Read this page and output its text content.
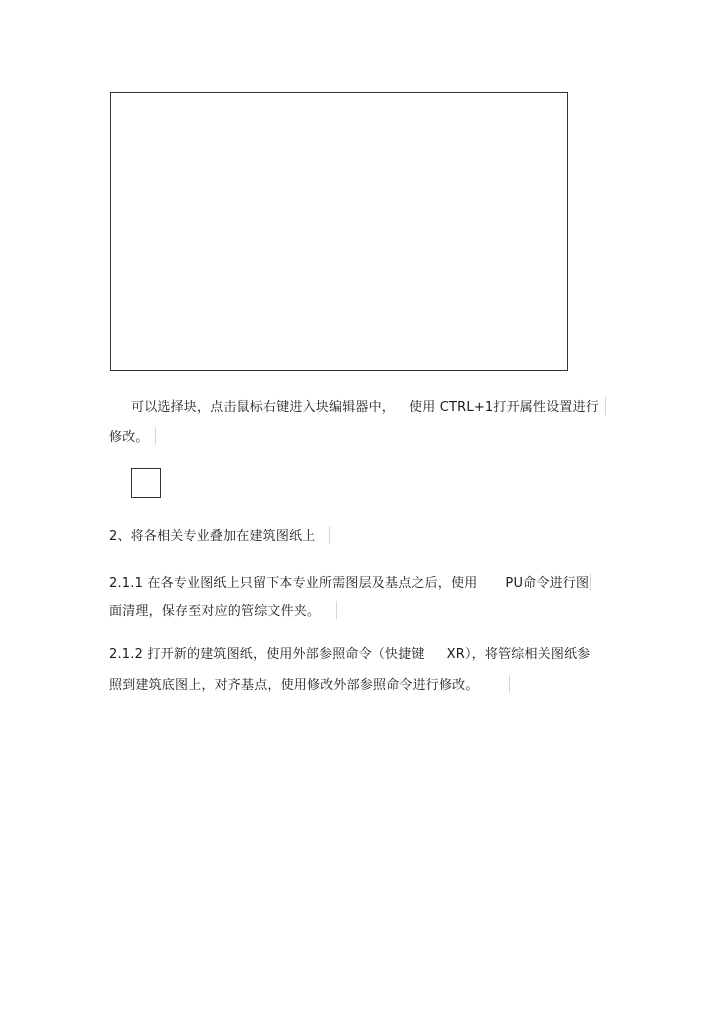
可以选择块，点击鼠标右键进入块编辑器中， 使用 CTRL+1打开属性设置进行
修改。
2、将各相关专业叠加在建筑图纸上
2.1.1 在各专业图纸上只留下本专业所需图层及基点之后，使用 PU命令进行图
面清理，保存至对应的管综文件夹。
2.1.2 打开新的建筑图纸，使用外部参照命令（快捷键 XR），将管综相关图纸参
照到建筑底图上，对齐基点，使用修改外部参照命令进行修改。
